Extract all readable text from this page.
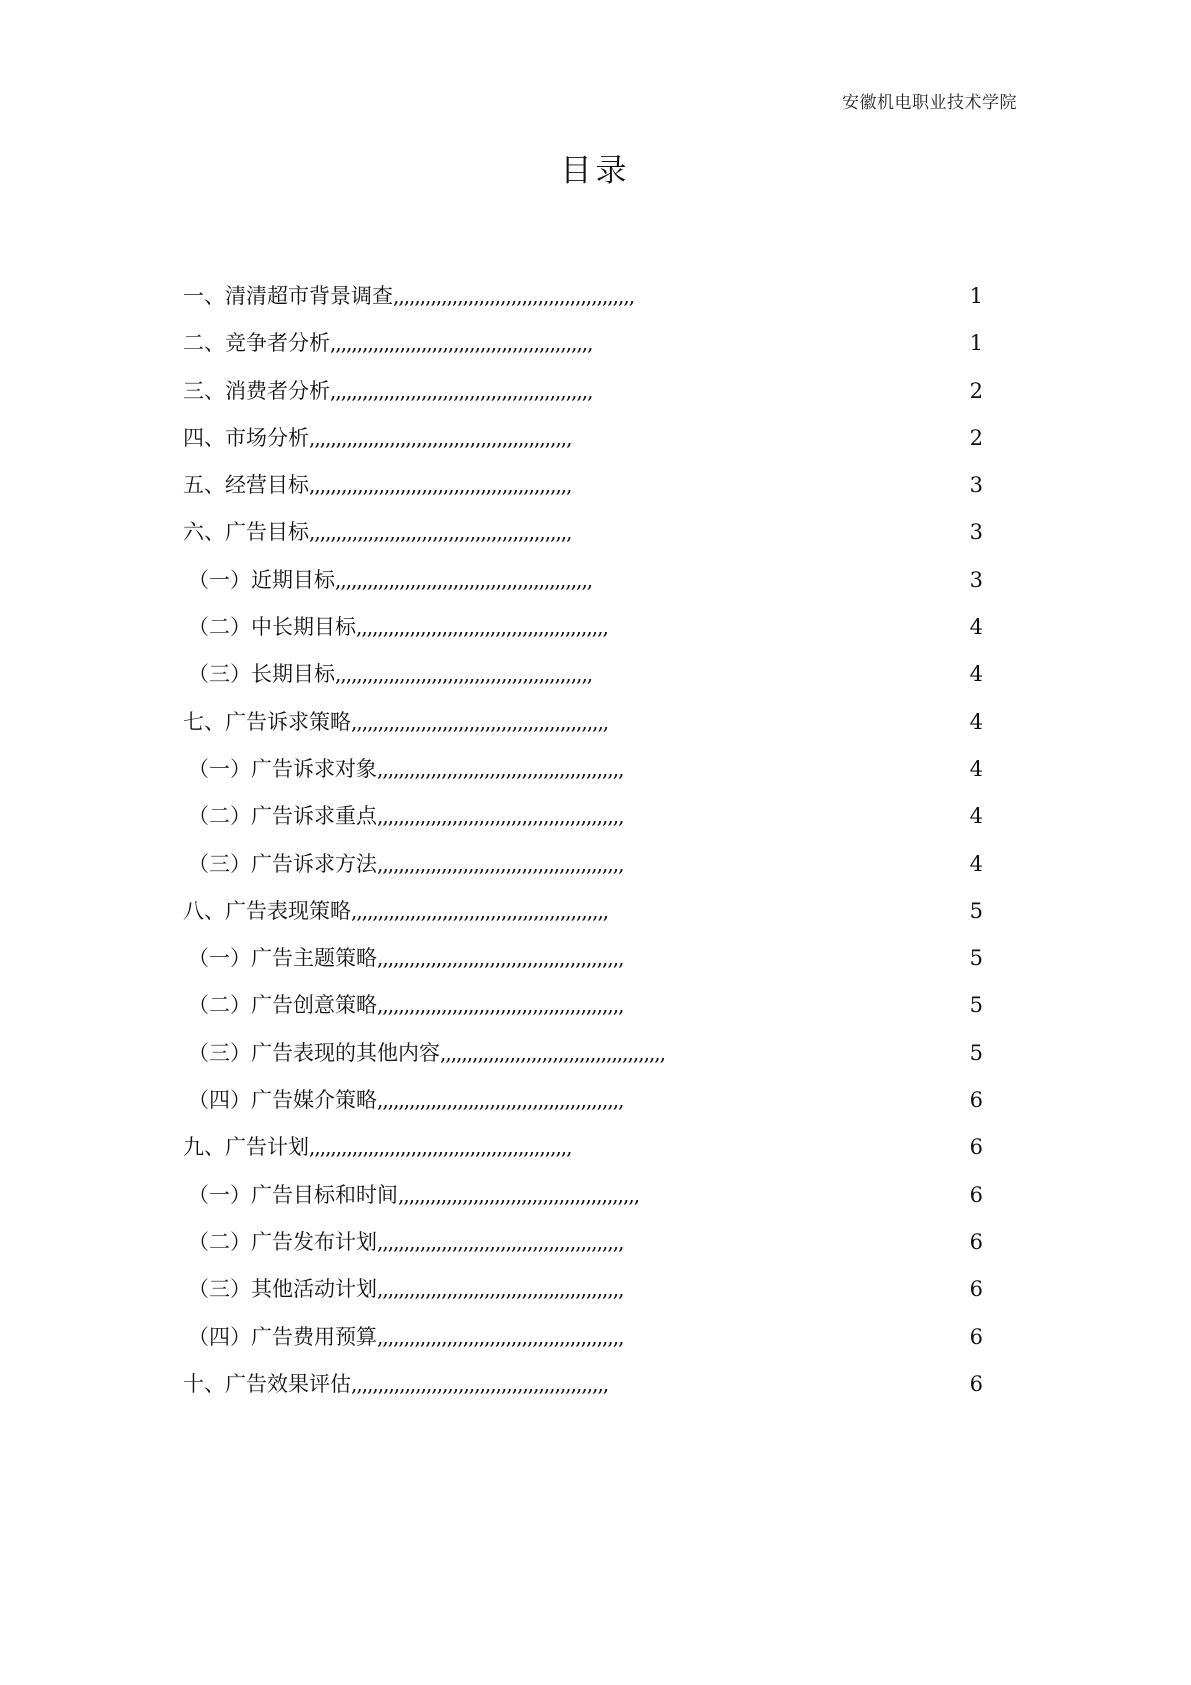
安徽机电职业技术学院
目录
一、清清超市背景调查,,,,,,,,,,,,,,,,,,,,,,,,,,,,,,,,,,,,,,,,,,,,,	1
二、竞争者分析,,,,,,,,,,,,,,,,,,,,,,,,,,,,,,,,,,,,,,,,,,,,,,,,,	1
三、消费者分析,,,,,,,,,,,,,,,,,,,,,,,,,,,,,,,,,,,,,,,,,,,,,,,,,	2
四、市场分析,,,,,,,,,,,,,,,,,,,,,,,,,,,,,,,,,,,,,,,,,,,,,,,,,	2
五、经营目标,,,,,,,,,,,,,,,,,,,,,,,,,,,,,,,,,,,,,,,,,,,,,,,,,	3
六、广告目标,,,,,,,,,,,,,,,,,,,,,,,,,,,,,,,,,,,,,,,,,,,,,,,,,	3
（一）近期目标,,,,,,,,,,,,,,,,,,,,,,,,,,,,,,,,,,,,,,,,,,,,,,,,	3
（二）中长期目标,,,,,,,,,,,,,,,,,,,,,,,,,,,,,,,,,,,,,,,,,,,,,,,	4
（三）长期目标,,,,,,,,,,,,,,,,,,,,,,,,,,,,,,,,,,,,,,,,,,,,,,,,	4
七、广告诉求策略,,,,,,,,,,,,,,,,,,,,,,,,,,,,,,,,,,,,,,,,,,,,,,,,	4
（一）广告诉求对象,,,,,,,,,,,,,,,,,,,,,,,,,,,,,,,,,,,,,,,,,,,,,,	4
（二）广告诉求重点,,,,,,,,,,,,,,,,,,,,,,,,,,,,,,,,,,,,,,,,,,,,,,	4
（三）广告诉求方法,,,,,,,,,,,,,,,,,,,,,,,,,,,,,,,,,,,,,,,,,,,,,,	4
八、广告表现策略,,,,,,,,,,,,,,,,,,,,,,,,,,,,,,,,,,,,,,,,,,,,,,,,	5
（一）广告主题策略,,,,,,,,,,,,,,,,,,,,,,,,,,,,,,,,,,,,,,,,,,,,,,	5
（二）广告创意策略,,,,,,,,,,,,,,,,,,,,,,,,,,,,,,,,,,,,,,,,,,,,,,	5
（三）广告表现的其他内容,,,,,,,,,,,,,,,,,,,,,,,,,,,,,,,,,,,,,,,,,,	5
（四）广告媒介策略,,,,,,,,,,,,,,,,,,,,,,,,,,,,,,,,,,,,,,,,,,,,,,	6
九、广告计划,,,,,,,,,,,,,,,,,,,,,,,,,,,,,,,,,,,,,,,,,,,,,,,,,	6
（一）广告目标和时间,,,,,,,,,,,,,,,,,,,,,,,,,,,,,,,,,,,,,,,,,,,,,	6
（二）广告发布计划,,,,,,,,,,,,,,,,,,,,,,,,,,,,,,,,,,,,,,,,,,,,,,	6
（三）其他活动计划,,,,,,,,,,,,,,,,,,,,,,,,,,,,,,,,,,,,,,,,,,,,,,	6
（四）广告费用预算,,,,,,,,,,,,,,,,,,,,,,,,,,,,,,,,,,,,,,,,,,,,,,	6
十、广告效果评估,,,,,,,,,,,,,,,,,,,,,,,,,,,,,,,,,,,,,,,,,,,,,,,,	6
